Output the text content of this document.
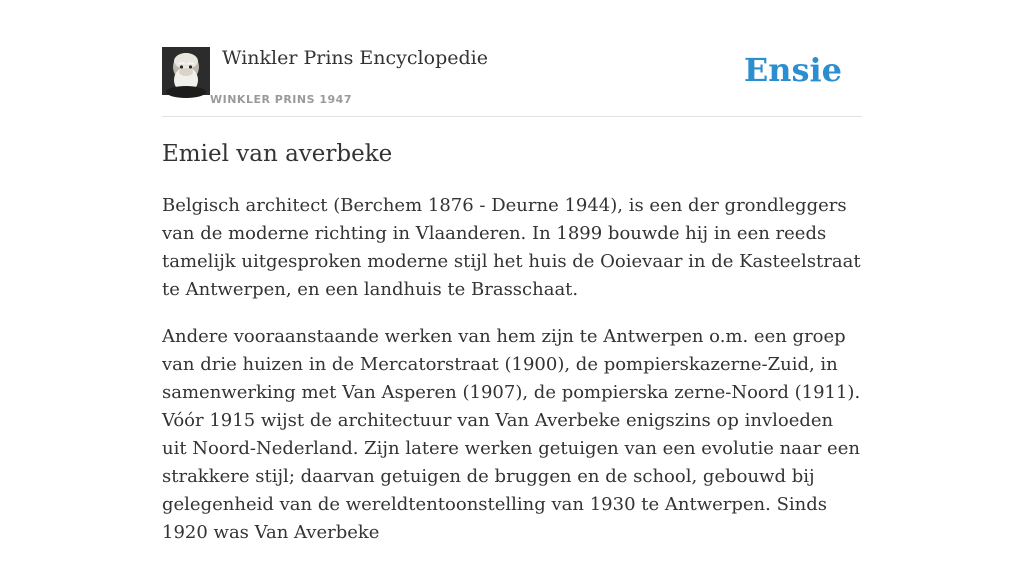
Winkler Prins Encyclopedie
WINKLER PRINS 1947
Ensie
Emiel van averbeke

Belgisch architect (Berchem 1876 - Deurne 1944), is een der grondleggers van de moderne richting in Vlaanderen. In 1899 bouwde hij in een reeds tamelijk uitgesproken moderne stijl het huis de Ooievaar in de Kasteelstraat te Antwerpen, en een landhuis te Brasschaat.

Andere vooraanstaande werken van hem zijn te Antwerpen o.m. een groep van drie huizen in de Mercatorstraat (1900), de pompierskazerne-Zuid, in samenwerking met Van Asperen (1907), de pompierska zerne-Noord (1911). Vóór 1915 wijst de architectuur van Van Averbeke enigszins op invloeden uit Noord-Nederland. Zijn latere werken getuigen van een evolutie naar een strakkere stijl; daarvan getuigen de bruggen en de school, gebouwd bij gelegenheid van de wereldtentoonstelling van 1930 te Antwerpen. Sinds 1920 was Van Averbeke
